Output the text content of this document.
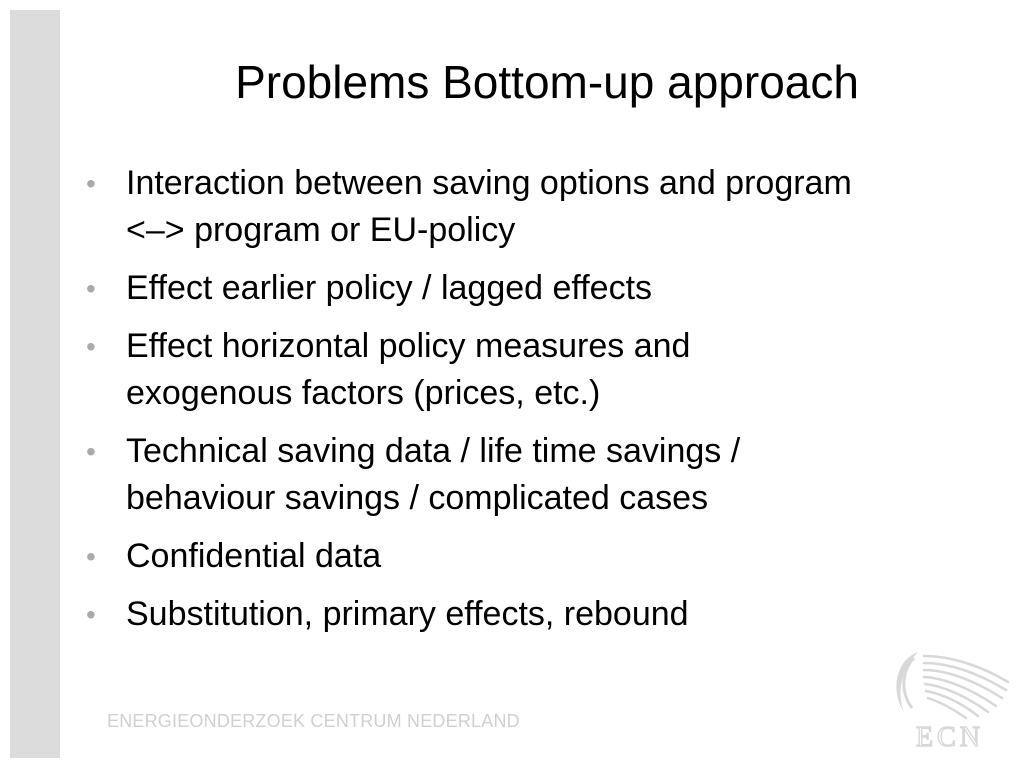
Problems Bottom-up approach
• Interaction between saving options and program <–> program or EU-policy
• Effect earlier policy / lagged effects
• Effect horizontal policy measures and exogenous factors (prices, etc.)
• Technical saving data / life time savings / behaviour savings / complicated cases
• Confidential data
• Substitution, primary effects, rebound
ENERGIEONDERZOEK CENTRUM NEDERLAND
ECN
